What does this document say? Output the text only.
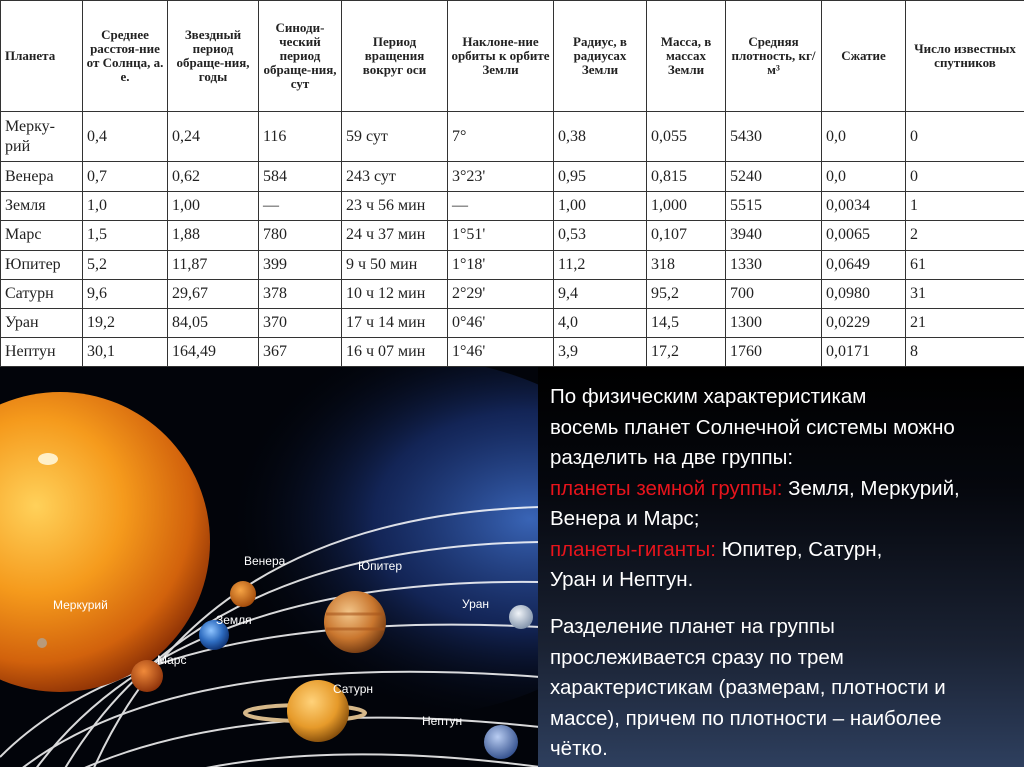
Планета	Среднее расстоя-ние от Солнца, а. е.	Звездный период обраще-ния, годы	Синоди-ческий период обраще-ния, сут	Период вращения вокруг оси	Наклоне-ние орбиты к орбите Земли	Радиус, в радиусах Земли	Масса, в массах Земли	Средняя плотность, кг/м³	Сжатие	Число известных спутников
Мерку-рий	0,4	0,24	116	59 сут	7°	0,38	0,055	5430	0,0	0
Венера	0,7	0,62	584	243 сут	3°23'	0,95	0,815	5240	0,0	0
Земля	1,0	1,00	—	23 ч 56 мин	—	1,00	1,000	5515	0,0034	1
Марс	1,5	1,88	780	24 ч 37 мин	1°51'	0,53	0,107	3940	0,0065	2
Юпитер	5,2	11,87	399	9 ч 50 мин	1°18'	11,2	318	1330	0,0649	61
Сатурн	9,6	29,67	378	10 ч 12 мин	2°29'	9,4	95,2	700	0,0980	31
Уран	19,2	84,05	370	17 ч 14 мин	0°46'	4,0	14,5	1300	0,0229	21
Нептун	30,1	164,49	367	16 ч 07 мин	1°46'	3,9	17,2	1760	0,0171	8
Меркурий
Венера
Земля
Марс
Юпитер
Сатурн
Уран
Нептун
По физическим характеристикам
восемь планет Солнечной системы можно
разделить на две группы:
планеты земной группы: Земля, Меркурий,
Венера и Марс;
планеты-гиганты: Юпитер, Сатурн,
Уран и Нептун.
Разделение планет на группы
прослеживается сразу по трем
характеристикам (размерам, плотности и
массе), причем по плотности – наиболее
чётко.
